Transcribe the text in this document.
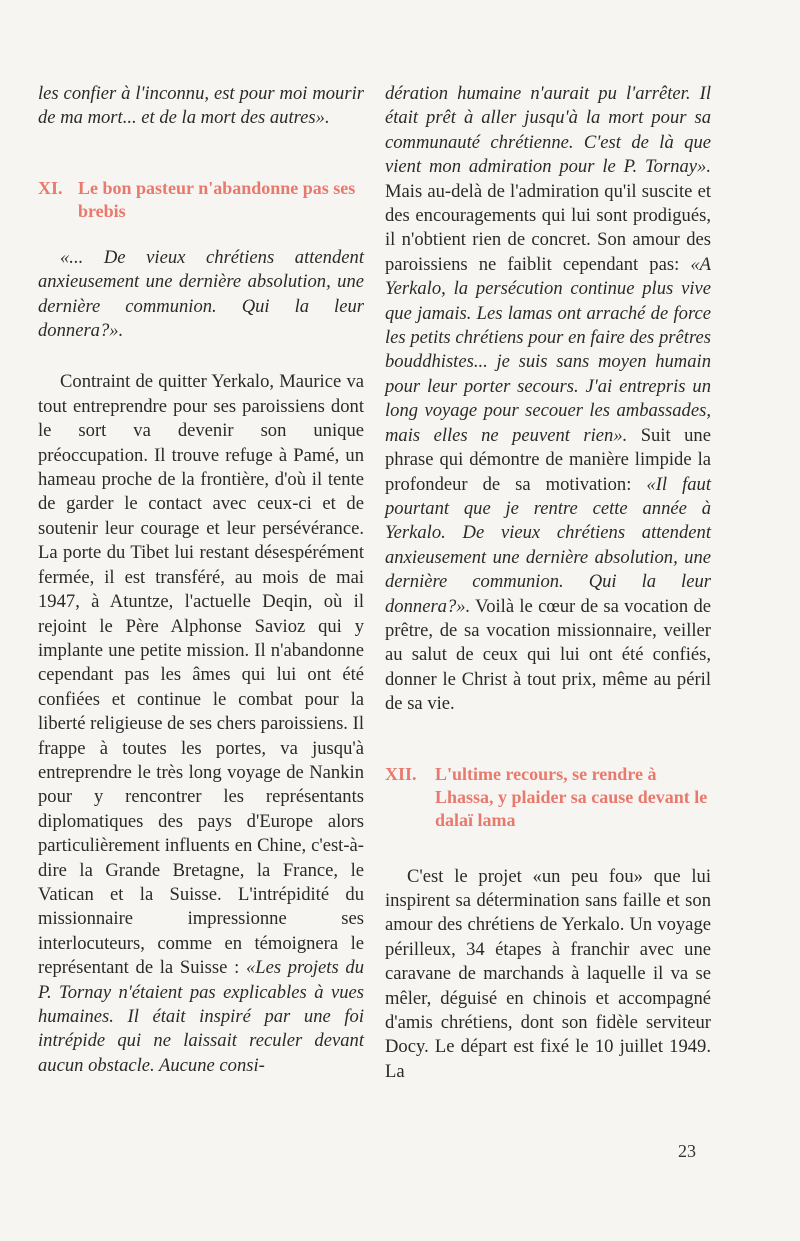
les confier à l'inconnu, est pour moi mourir de ma mort... et de la mort des autres».

XI. Le bon pasteur n'abandonne pas ses brebis

«... De vieux chrétiens attendent anxieusement une dernière absolution, une dernière communion. Qui la leur donnera?».

Contraint de quitter Yerkalo, Maurice va tout entreprendre pour ses paroissiens dont le sort va devenir son unique préoccupation. Il trouve refuge à Pamé, un hameau proche de la frontière, d'où il tente de garder le contact avec ceux-ci et de soutenir leur courage et leur persévérance. La porte du Tibet lui restant désespérément fermée, il est transféré, au mois de mai 1947, à Atuntze, l'actuelle Deqin, où il rejoint le Père Alphonse Savioz qui y implante une petite mission. Il n'abandonne cependant pas les âmes qui lui ont été confiées et continue le combat pour la liberté religieuse de ses chers paroissiens. Il frappe à toutes les portes, va jusqu'à entreprendre le très long voyage de Nankin pour y rencontrer les représentants diplomatiques des pays d'Europe alors particulièrement influents en Chine, c'est-à-dire la Grande Bretagne, la France, le Vatican et la Suisse. L'intrépidité du missionnaire impressionne ses interlocuteurs, comme en témoignera le représentant de la Suisse : «Les projets du P. Tornay n'étaient pas explicables à vues humaines. Il était inspiré par une foi intrépide qui ne laissait reculer devant aucun obstacle. Aucune consi-

dération humaine n'aurait pu l'arrêter. Il était prêt à aller jusqu'à la mort pour sa communauté chrétienne. C'est de là que vient mon admiration pour le P. Tornay». Mais au-delà de l'admiration qu'il suscite et des encouragements qui lui sont prodigués, il n'obtient rien de concret. Son amour des paroissiens ne faiblit cependant pas: «A Yerkalo, la persécution continue plus vive que jamais. Les lamas ont arraché de force les petits chrétiens pour en faire des prêtres bouddhistes... je suis sans moyen humain pour leur porter secours. J'ai entrepris un long voyage pour secouer les ambassades, mais elles ne peuvent rien». Suit une phrase qui démontre de manière limpide la profondeur de sa motivation: «Il faut pourtant que je rentre cette année à Yerkalo. De vieux chrétiens attendent anxieusement une dernière absolution, une dernière communion. Qui la leur donnera?». Voilà le cœur de sa vocation de prêtre, de sa vocation missionnaire, veiller au salut de ceux qui lui ont été confiés, donner le Christ à tout prix, même au péril de sa vie.

XII.	L'ultime recours, se rendre à Lhassa, y plaider sa cause devant le dalaï lama

C'est le projet «un peu fou» que lui inspirent sa détermination sans faille et son amour des chrétiens de Yerkalo. Un voyage périlleux, 34 étapes à franchir avec une caravane de marchands à laquelle il va se mêler, déguisé en chinois et accompagné d'amis chrétiens, dont son fidèle serviteur Docy. Le départ est fixé le 10 juillet 1949. La

23
